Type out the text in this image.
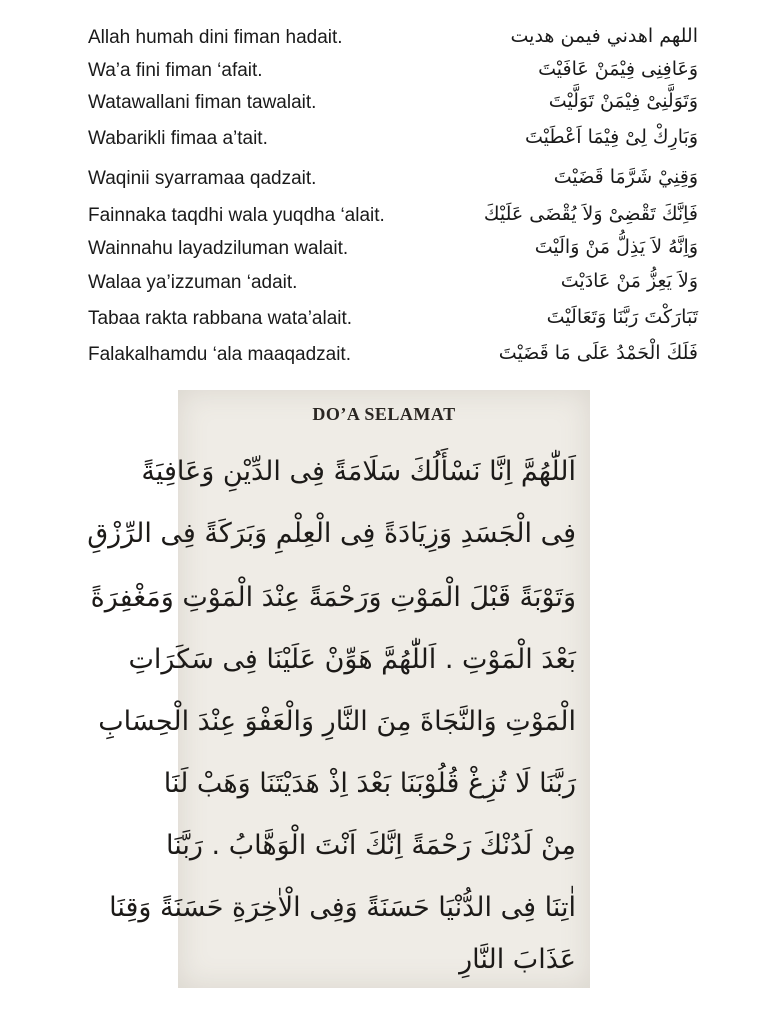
Allah humah dini fiman hadait.	اللهم اهدني فيمن هديت
Wa’a fini fiman ‘afait.	وَعَافِنِى فِيْمَنْ عَافَيْتَ
Watawallani fiman tawalait.	وَتَوَلَّنِىْ فِيْمَنْ تَوَلَّيْتَ
Wabarikli fimaa a’tait.	وَبَارِكْ لِىْ فِيْمَا اَعْطَيْتَ
Waqinii syarramaa qadzait.	وَقِنِيْ شَرَّمَا قَضَيْتَ
Fainnaka taqdhi wala yuqdha ‘alait.	فَاِنَّكَ تَقْضِىْ وَلاَ يُقْضَى عَلَيْكَ
Wainnahu layadziluman walait.	وَاِنَّهُ لاَ يَذِلُّ مَنْ وَالَيْتَ
Walaa ya’izzuman ‘adait.	وَلاَ يَعِزُّ مَنْ عَادَيْتَ
Tabaa rakta rabbana wata’alait.	تَبَارَكْتَ رَبَّنَا وَتَعَالَيْتَ
Falakalhamdu ‘ala maaqadzait.	فَلَكَ الْحَمْدُ عَلَى مَا قَضَيْتَ
DO’A SELAMAT
اَللّٰهُمَّ اِنَّا نَسْأَلُكَ سَلَامَةً فِى الدِّيْنِ وَعَافِيَةً
فِى الْجَسَدِ وَزِيَادَةً فِى الْعِلْمِ وَبَرَكَةً فِى الرِّزْقِ
وَتَوْبَةً قَبْلَ الْمَوْتِ وَرَحْمَةً عِنْدَ الْمَوْتِ وَمَغْفِرَةً
بَعْدَ الْمَوْتِ . اَللّٰهُمَّ هَوِّنْ عَلَيْنَا فِى سَكَرَاتِ
الْمَوْتِ وَالنَّجَاةَ مِنَ النَّارِ وَالْعَفْوَ عِنْدَ الْحِسَابِ
رَبَّنَا لَا تُزِغْ قُلُوْبَنَا بَعْدَ اِذْ هَدَيْتَنَا وَهَبْ لَنَا
مِنْ لَدُنْكَ رَحْمَةً اِنَّكَ اَنْتَ الْوَهَّابُ . رَبَّنَا
اٰتِنَا فِى الدُّنْيَا حَسَنَةً وَفِى الْاٰخِرَةِ حَسَنَةً وَقِنَا
عَذَابَ النَّارِ
